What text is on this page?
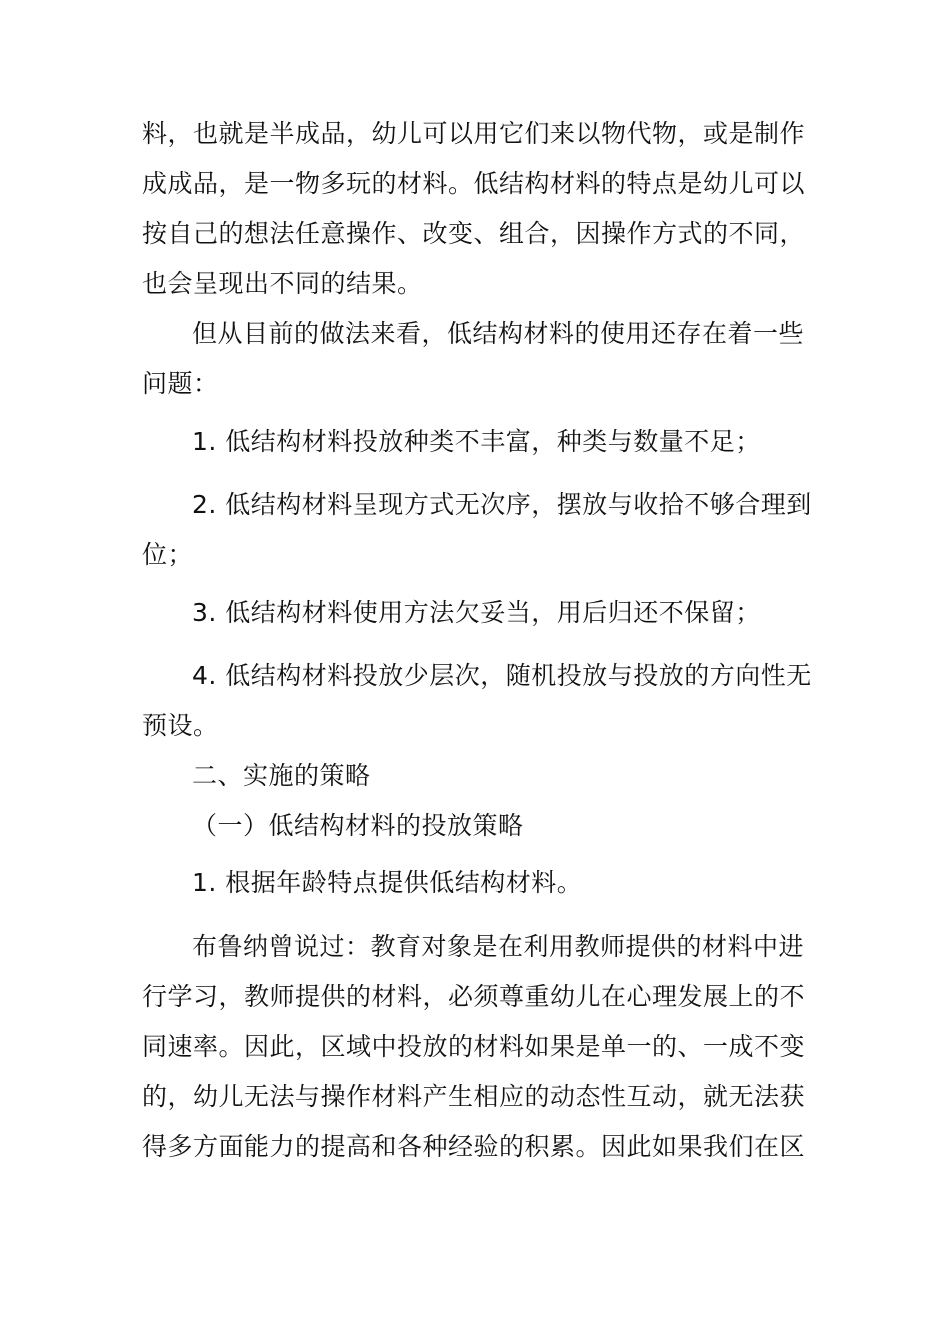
料，也就是半成品，幼儿可以用它们来以物代物，或是制作
成成品，是一物多玩的材料。低结构材料的特点是幼儿可以
按自己的想法任意操作、改变、组合，因操作方式的不同，
也会呈现出不同的结果。
但从目前的做法来看，低结构材料的使用还存在着一些
问题：
1. 低结构材料投放种类不丰富，种类与数量不足；
2. 低结构材料呈现方式无次序，摆放与收拾不够合理到
位；
3. 低结构材料使用方法欠妥当，用后归还不保留；
4. 低结构材料投放少层次，随机投放与投放的方向性无
预设。
二、实施的策略
（一）低结构材料的投放策略
1. 根据年龄特点提供低结构材料。
布鲁纳曾说过：教育对象是在利用教师提供的材料中进
行学习，教师提供的材料，必须尊重幼儿在心理发展上的不
同速率。因此，区域中投放的材料如果是单一的、一成不变
的，幼儿无法与操作材料产生相应的动态性互动，就无法获
得多方面能力的提高和各种经验的积累。因此如果我们在区
